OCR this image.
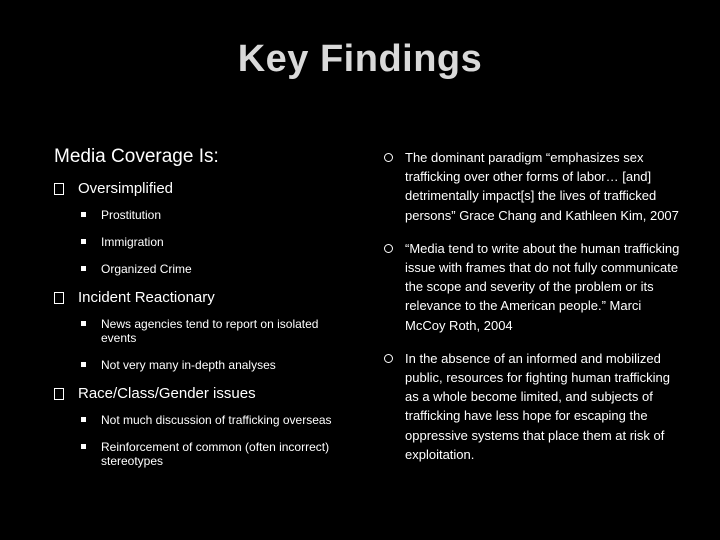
Key Findings
Media Coverage Is:
Oversimplified
Prostitution
Immigration
Organized Crime
Incident Reactionary
News agencies tend to report on isolated events
Not very many in-depth analyses
Race/Class/Gender issues
Not much discussion of trafficking overseas
Reinforcement of common (often incorrect) stereotypes
The dominant paradigm “emphasizes sex trafficking over other forms of labor… [and] detrimentally impact[s] the lives of trafficked persons” Grace Chang and Kathleen Kim, 2007
“Media tend to write about the human trafficking issue with frames that do not fully communicate the scope and severity of the problem or its relevance to the American people.” Marci McCoy Roth, 2004
In the absence of an informed and mobilized public, resources for fighting human trafficking as a whole become limited, and subjects of trafficking have less hope for escaping the oppressive systems that place them at risk of exploitation.
